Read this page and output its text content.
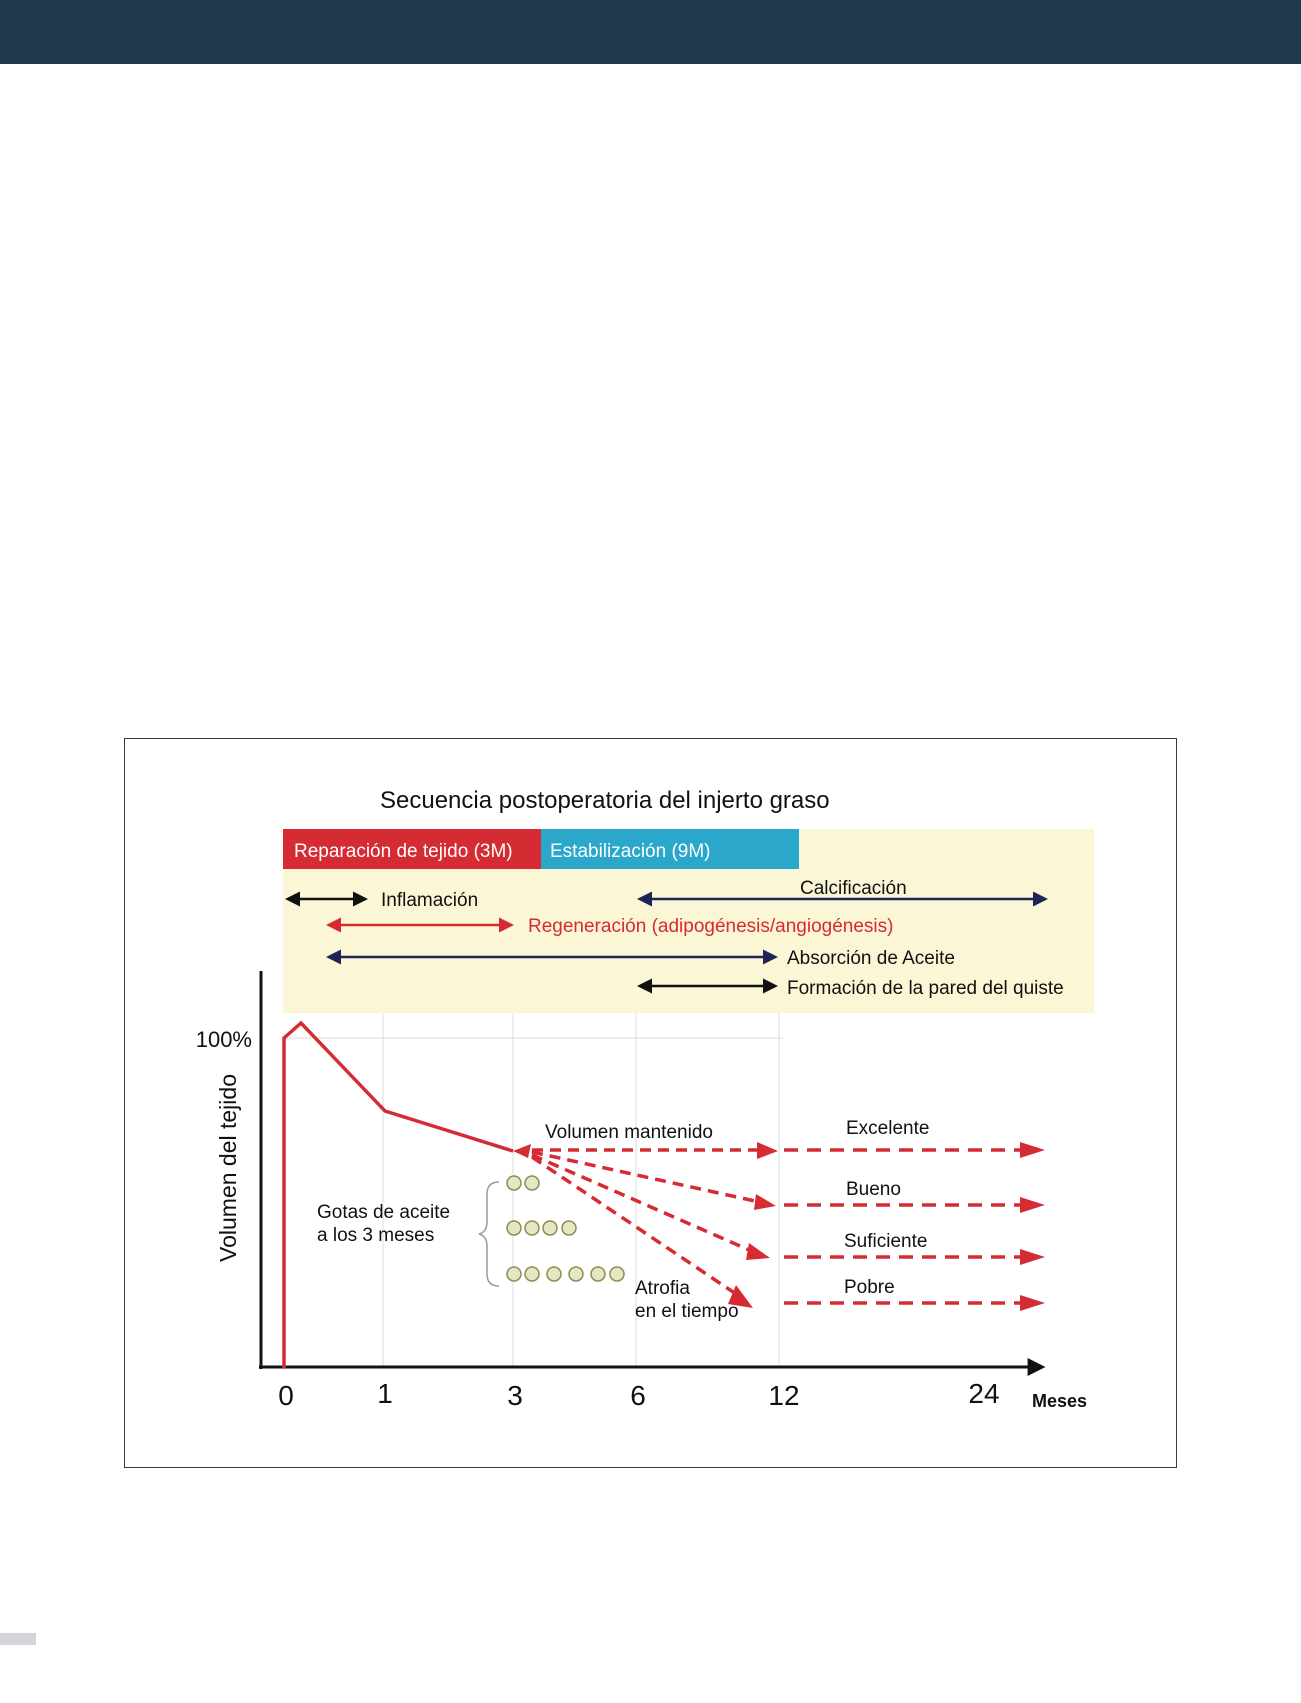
Secuencia postoperatoria del injerto graso
Reparación de tejido (3M) Estabilización (9M)
Inflamación
Calcificación
Regeneración (adipogénesis/angiogénesis)
Absorción de Aceite
Formación de la pared del quiste
Volumen del tejido
100%
0	1	3	6	12	24 Meses
Excelente
Bueno
Suficiente
Pobre
Volumen mantenido
Gotas de aceite
a los 3 meses
Atrofia
en el tiempo
